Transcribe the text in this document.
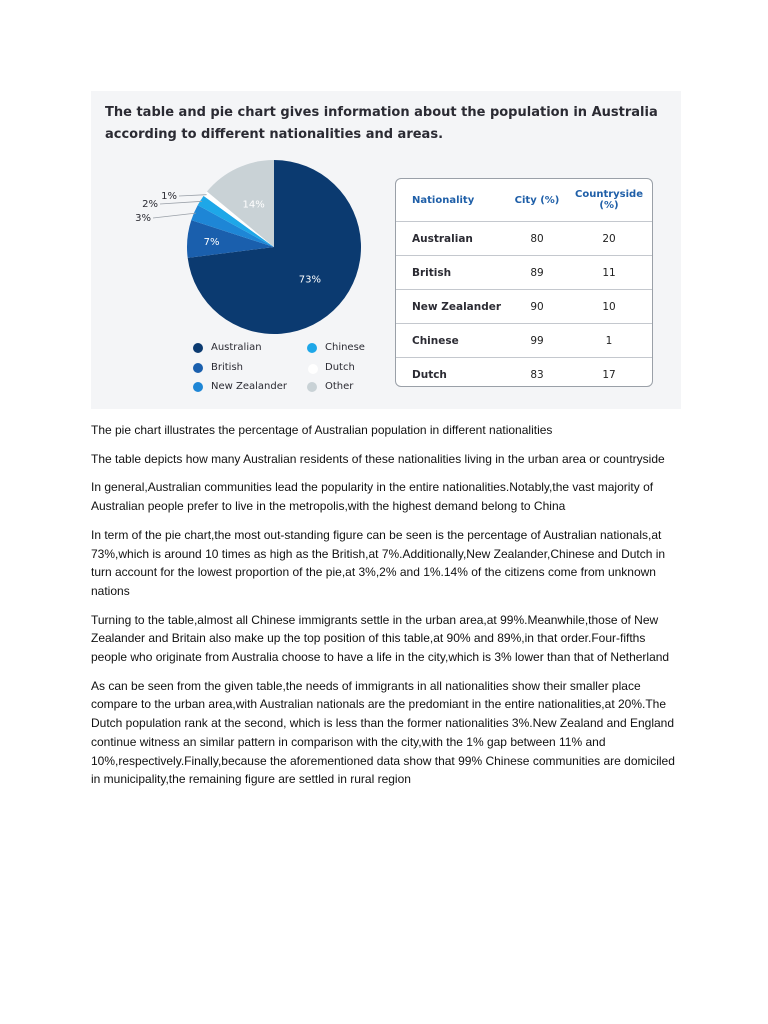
The table and pie chart gives information about the population in Australia according to different nationalities and areas.
73%
7%
3%
2%
1%
14%
Australian	Chinese
British	Dutch
New Zealander	Other
Nationality	City (%)	Countryside (%)
Australian	80	20
British	89	11
New Zealander	90	10
Chinese	99	1
Dutch	83	17

The pie chart illustrates the percentage of Australian population in different nationalities

The table depicts how many Australian residents of these nationalities living in the urban area or countryside

In general,Australian communities lead the popularity in the entire nationalities.Notably,the vast majority of Australian people prefer to live in the metropolis,with the highest demand belong to China

In term of the pie chart,the most out-standing figure can be seen is the percentage of Australian nationals,at 73%,which is around 10 times as high as the British,at 7%.Additionally,New Zealander,Chinese and Dutch in turn account for the lowest proportion of the pie,at 3%,2% and 1%.14% of the citizens come from unknown nations

Turning to the table,almost all Chinese immigrants settle in the urban area,at 99%.Meanwhile,those of New Zealander and Britain also make up the top position of this table,at 90% and 89%,in that order.Four-fifths people who originate from Australia choose to have a life in the city,which is 3% lower than that of Netherland

As can be seen from the given table,the needs of immigrants in all nationalities show their smaller place compare to the urban area,with Australian nationals are the predomiant in the entire nationalities,at 20%.The Dutch population rank at the second, which is less than the former nationalities 3%.New Zealand and England continue witness an similar pattern in comparison with the city,with the 1% gap between 11% and 10%,respectively.Finally,because the aforementioned data show that 99% Chinese communities are domiciled in municipality,the remaining figure are settled in rural region
